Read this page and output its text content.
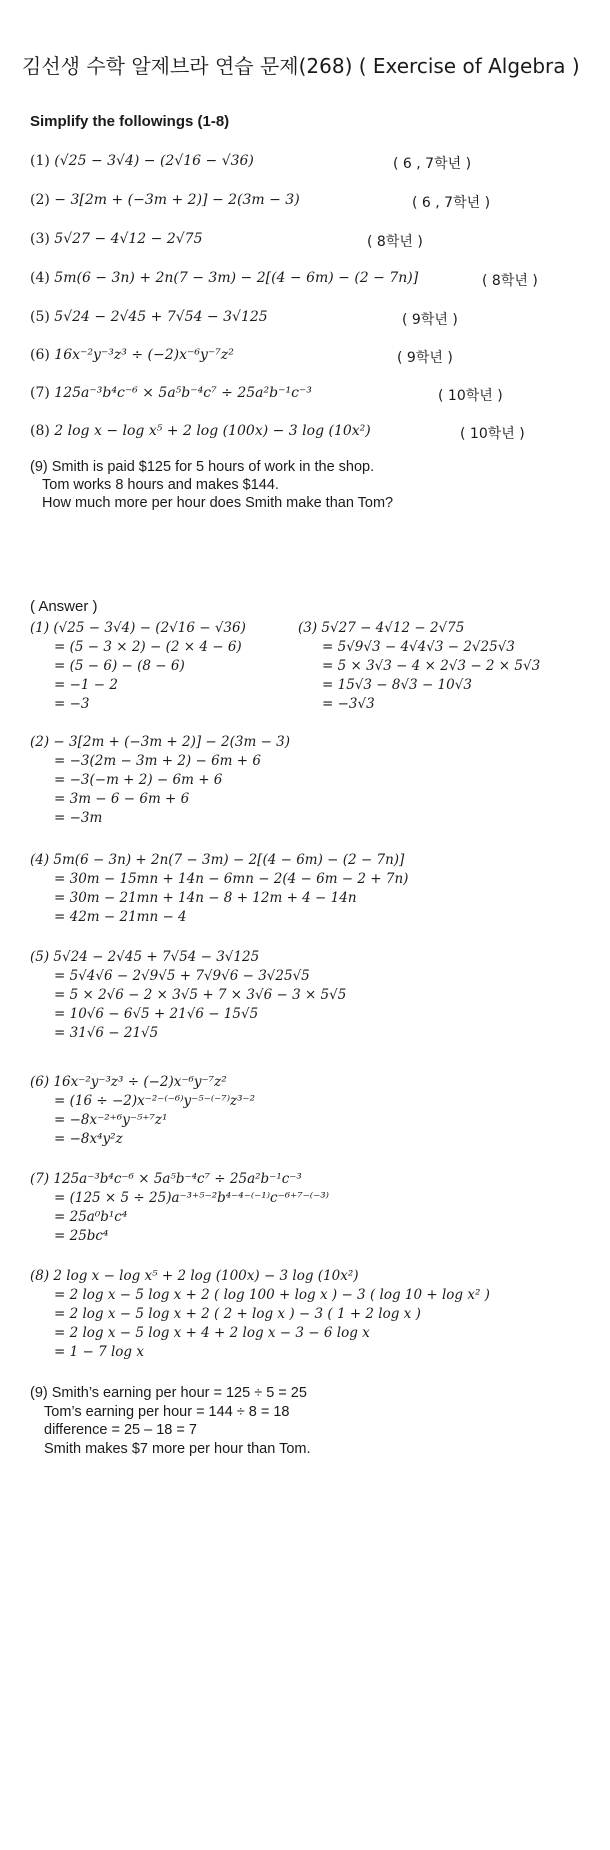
김선생 수학 알제브라 연습 문제(268) ( Exercise of Algebra )
Simplify the followings (1-8)
(1) (√25 − 3√4) − (2√16 − √36)	( 6 , 7학년 )
(2) − 3[2m + (−3m + 2)] − 2(3m − 3)	( 6 , 7학년 )
(3) 5√27 − 4√12 − 2√75	( 8학년 )
(4) 5m(6 − 3n) + 2n(7 − 3m) − 2[(4 − 6m) − (2 − 7n)]	( 8학년 )
(5) 5√24 − 2√45 + 7√54 − 3√125	( 9학년 )
(6) 16x⁻²y⁻³z³ ÷ (−2)x⁻⁶y⁻⁷z²	( 9학년 )
(7) 125a⁻³b⁴c⁻⁶ × 5a⁵b⁻⁴c⁷ ÷ 25a²b⁻¹c⁻³	( 10학년 )
(8) 2 log x − log x⁵ + 2 log (100x) − 3 log (10x²)	( 10학년 )
(9) Smith is paid $125 for 5 hours of work in the shop.
Tom works 8 hours and makes $144.
How much more per hour does Smith make than Tom?
( Answer )
(1) (√25 − 3√4) − (2√16 − √36)
= (5 − 3 × 2) − (2 × 4 − 6)
= (5 − 6) − (8 − 6)
= −1 − 2
= −3
(3) 5√27 − 4√12 − 2√75
= 5√9√3 − 4√4√3 − 2√25√3
= 5 × 3√3 − 4 × 2√3 − 2 × 5√3
= 15√3 − 8√3 − 10√3
= −3√3
(2) − 3[2m + (−3m + 2)] − 2(3m − 3)
= −3(2m − 3m + 2) − 6m + 6
= −3(−m + 2) − 6m + 6
= 3m − 6 − 6m + 6
= −3m
(4) 5m(6 − 3n) + 2n(7 − 3m) − 2[(4 − 6m) − (2 − 7n)]
= 30m − 15mn + 14n − 6mn − 2(4 − 6m − 2 + 7n)
= 30m − 21mn + 14n − 8 + 12m + 4 − 14n
= 42m − 21mn − 4
(5) 5√24 − 2√45 + 7√54 − 3√125
= 5√4√6 − 2√9√5 + 7√9√6 − 3√25√5
= 5 × 2√6 − 2 × 3√5 + 7 × 3√6 − 3 × 5√5
= 10√6 − 6√5 + 21√6 − 15√5
= 31√6 − 21√5
(6) 16x⁻²y⁻³z³ ÷ (−2)x⁻⁶y⁻⁷z²
= (16 ÷ −2)x⁻²⁻⁽⁻⁶⁾y⁻⁵⁻⁽⁻⁷⁾z³⁻²
= −8x⁻²⁺⁶y⁻⁵⁺⁷z¹
= −8x⁴y²z
(7) 125a⁻³b⁴c⁻⁶ × 5a⁵b⁻⁴c⁷ ÷ 25a²b⁻¹c⁻³
= (125 × 5 ÷ 25)a⁻³⁺⁵⁻²b⁴⁻⁴⁻⁽⁻¹⁾c⁻⁶⁺⁷⁻⁽⁻³⁾
= 25a⁰b¹c⁴
= 25bc⁴
(8) 2 log x − log x⁵ + 2 log (100x) − 3 log (10x²)
= 2 log x − 5 log x + 2 ( log 100 + log x ) − 3 ( log 10 + log x² )
= 2 log x − 5 log x + 2 ( 2 + log x ) − 3 ( 1 + 2 log x )
= 2 log x − 5 log x + 4 + 2 log x − 3 − 6 log x
= 1 − 7 log x
(9) Smith’s earning per hour = 125 ÷ 5 = 25
Tom’s earning per hour = 144 ÷ 8 = 18
difference = 25 – 18 = 7
Smith makes $7 more per hour than Tom.
